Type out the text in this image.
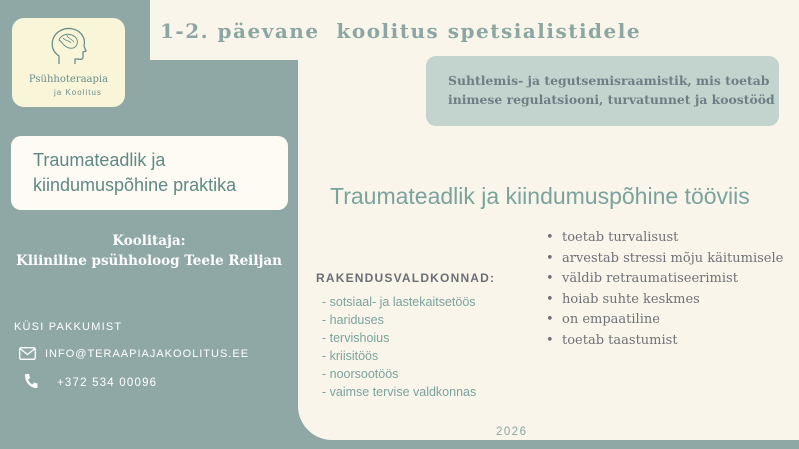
Psühhoteraapia
ja Koolitus
1-2. päevane  koolitus spetsialistidele
Suhtlemis- ja tegutsemisraamistik, mis toetab
inimese regulatsiooni, turvatunnet ja koostööd
Traumateadlik ja
kiindumuspõhine praktika
Koolitaja:
Kliiniline psühholoog Teele Reiljan
KÜSI PAKKUMIST
INFO@TERAAPIAJAKOOLITUS.EE
+372 534 00096
Traumateadlik ja kiindumuspõhine tööviis
RAKENDUSVALDKONNAD:
- sotsiaal- ja lastekaitsetöös
- hariduses
- tervishoius
- kriisitöös
- noorsootöös
- vaimse tervise valdkonnas
• toetab turvalisust
• arvestab stressi mõju käitumisele
• väldib retraumatiseerimist
• hoiab suhte keskmes
• on empaatiline
• toetab taastumist
2026
